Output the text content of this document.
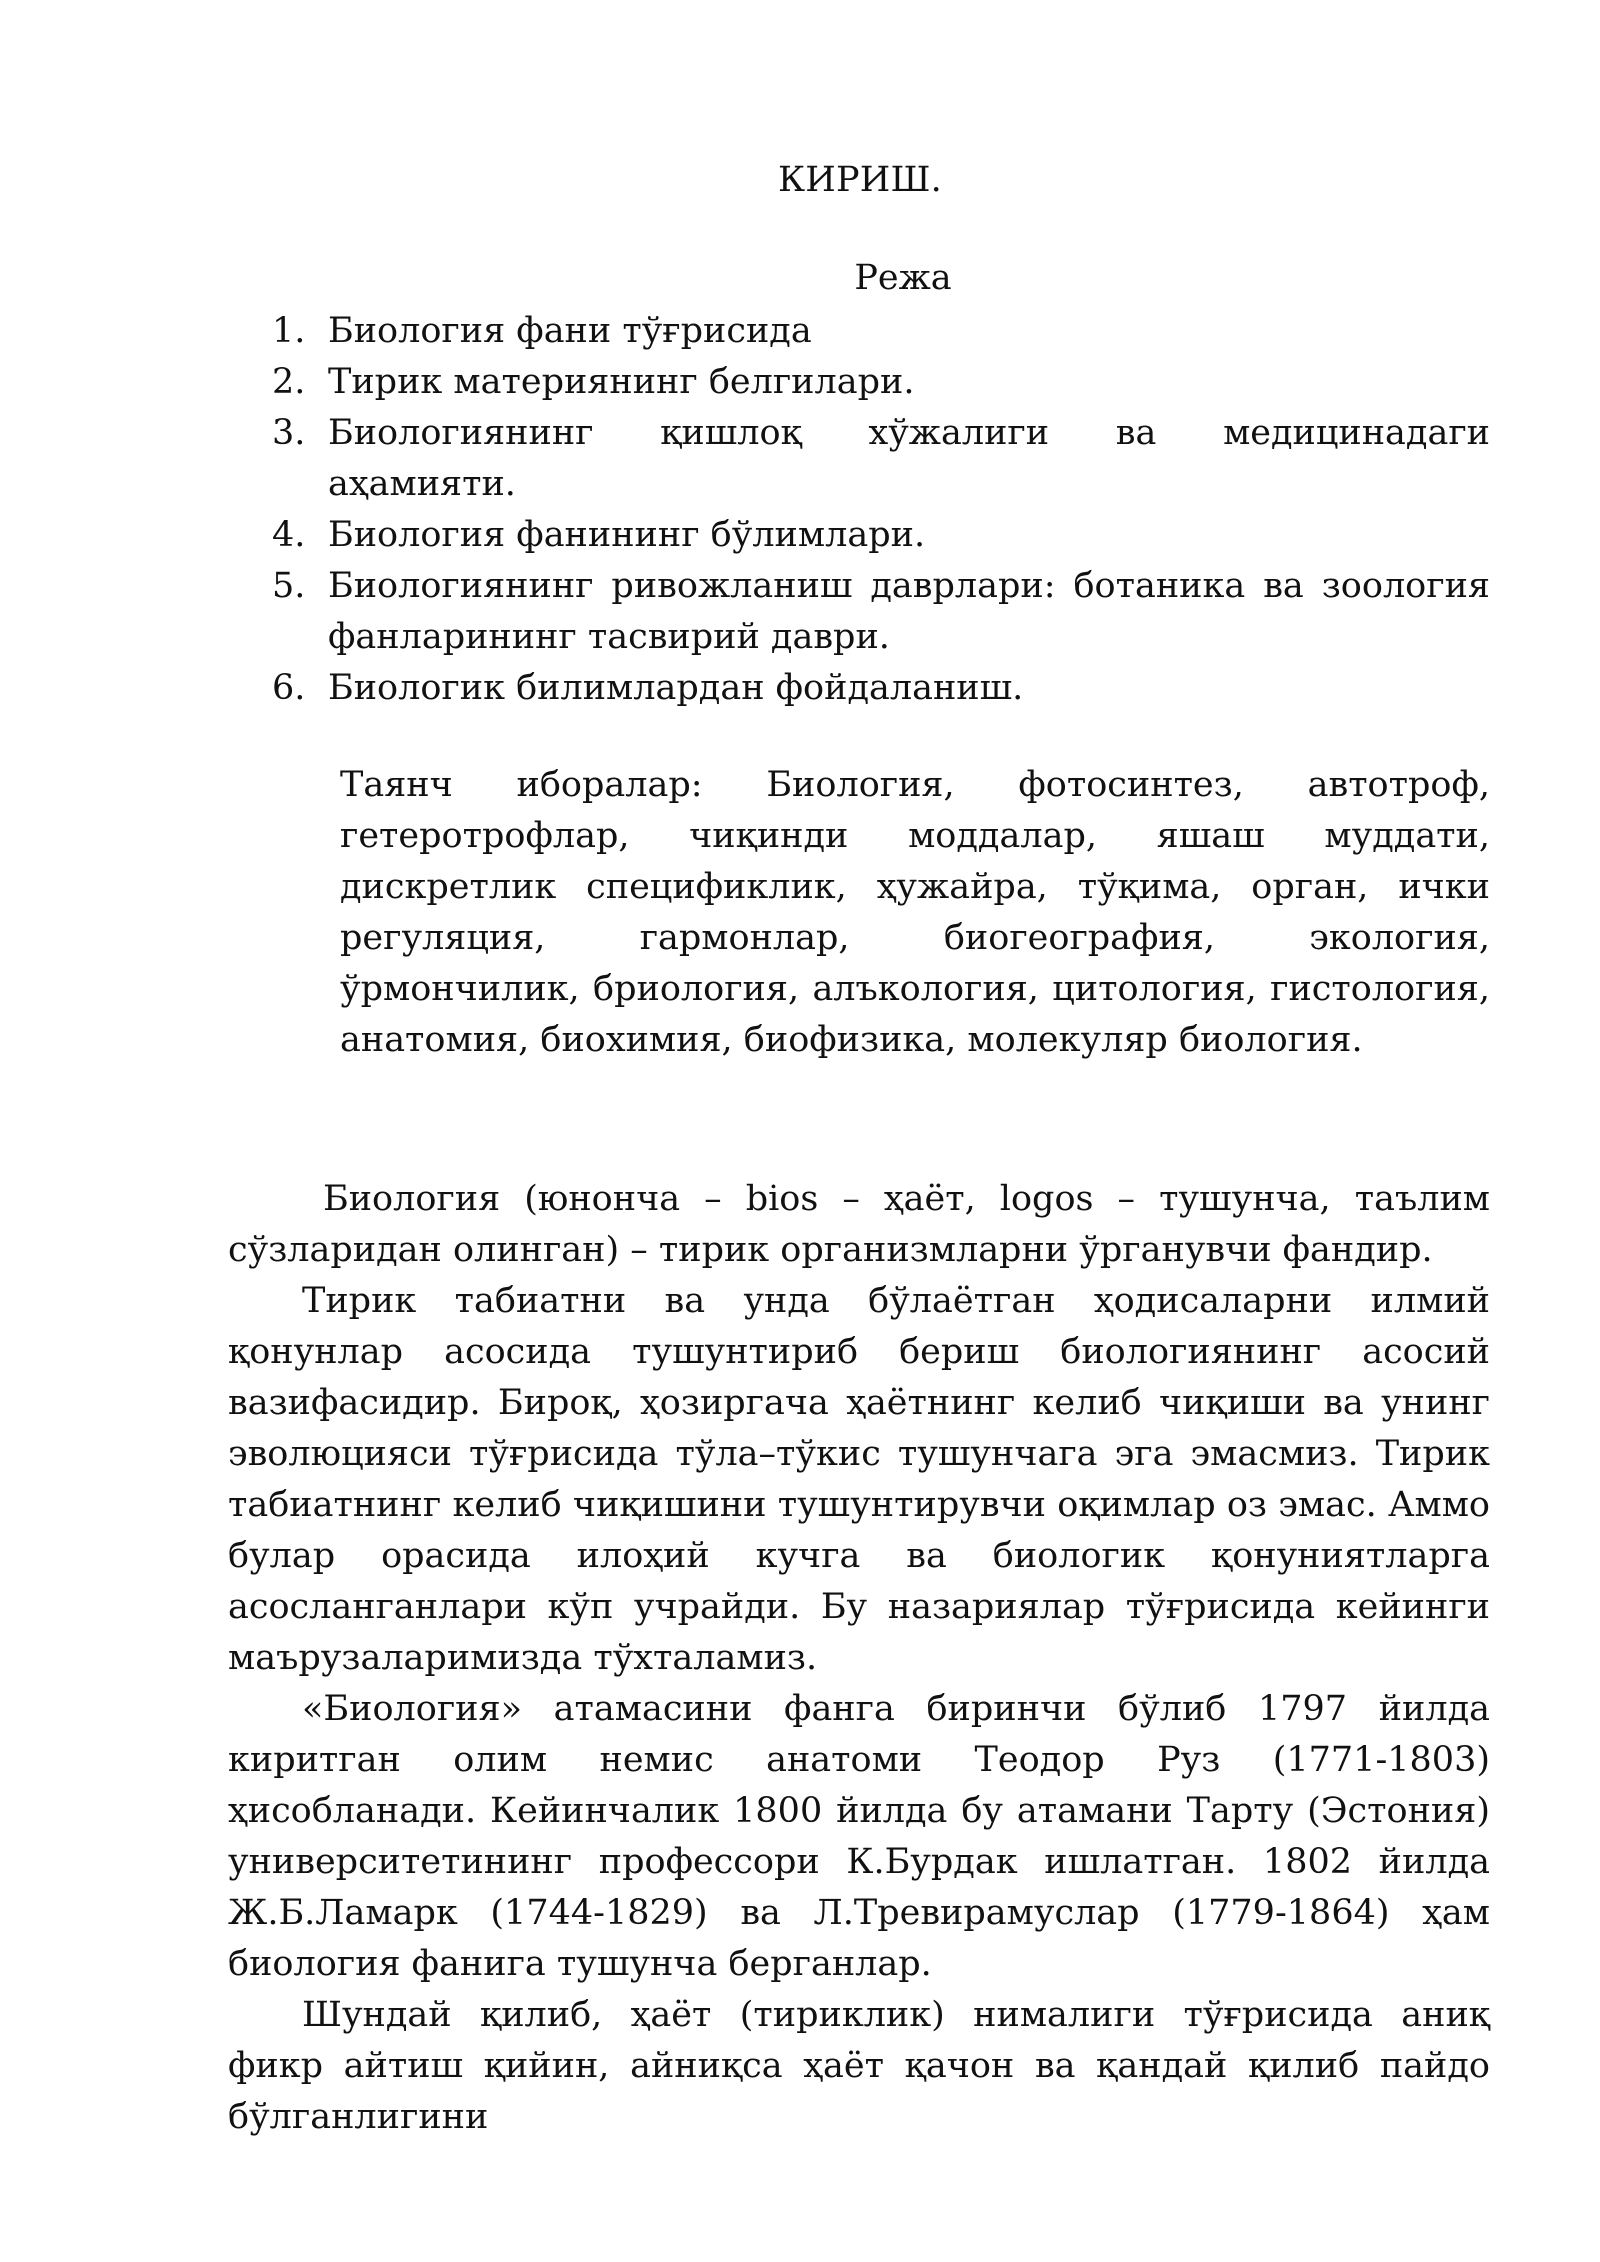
КИРИШ.
Режа
1. Биология фани тўғрисида
2. Тирик материянинг белгилари.
3. Биологиянинг қишлоқ хўжалиги ва медицинадаги аҳамияти.
4. Биология фанининг бўлимлари.
5. Биологиянинг ривожланиш даврлари: ботаника ва зоология фанларининг тасвирий даври.
6. Биологик билимлардан фойдаланиш.
Таянч иборалар: Биология, фотосинтез, автотроф, гетеротрофлар, чиқинди моддалар, яшаш муддати, дискретлик спецификлик, ҳужайра, тўқима, орган, ички регуляция, гармонлар, биогеография, экология, ўрмончилик, бриология, алъкология, цитология, гистология, анатомия, биохимия, биофизика, молекуляр биология.

Биология (юнонча – bios – ҳаёт, logos – тушунча, таълим сўзларидан олинган) – тирик организмларни ўрганувчи фандир.

Тирик табиатни ва унда бўлаётган ҳодисаларни илмий қонунлар асосида тушунтириб бериш биологиянинг асосий вазифасидир. Бироқ, ҳозиргача ҳаётнинг келиб чиқиши ва унинг эволюцияси тўғрисида тўла–тўкис тушунчага эга эмасмиз. Тирик табиатнинг келиб чиқишини тушунтирувчи оқимлар оз эмас. Аммо булар орасида илоҳий кучга ва биологик қонуниятларга асосланганлари кўп учрайди. Бу назариялар тўғрисида кейинги маърузаларимизда тўхталамиз.

«Биология» атамасини фанга биринчи бўлиб 1797 йилда киритган олим немис анатоми Теодор Руз (1771-1803) ҳисобланади. Кейинчалик 1800 йилда бу атамани Тарту (Эстония) университетининг профессори К.Бурдак ишлатган. 1802 йилда Ж.Б.Ламарк (1744-1829) ва Л.Тревирамуслар (1779-1864) ҳам биология фанига тушунча берганлар.

Шундай қилиб, ҳаёт (тириклик) нималиги тўғрисида аниқ фикр айтиш қийин, айниқса ҳаёт қачон ва қандай қилиб пайдо бўлганлигини
